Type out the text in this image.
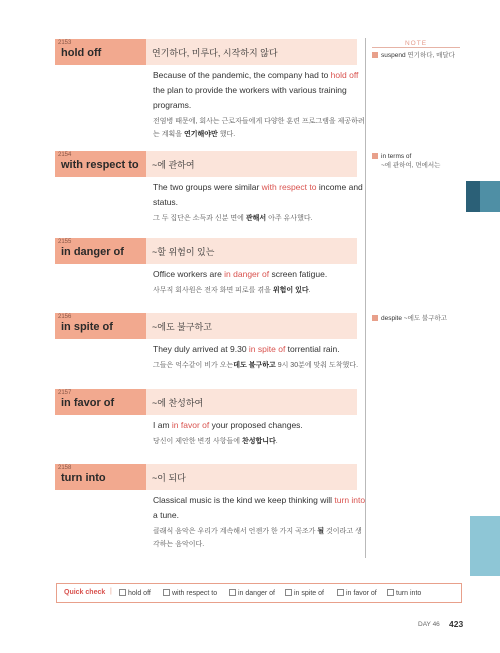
2153
hold off	연기하다, 미루다, 시작하지 않다
Because of the pandemic, the company had to hold off the plan to provide the workers with various training programs.
전염병 때문에, 회사는 근로자들에게 다양한 훈련 프로그램을 제공하려는 계획을 연기해야만 했다.
2154
with respect to ~에 관하여
The two groups were similar with respect to income and status.
그 두 집단은 소득과 신분 면에 관해서 아주 유사했다.
2155
in danger of	~할 위험이 있는
Office workers are in danger of screen fatigue.
사무직 회사원은 전자 화면 피로를 겪을 위험이 있다.
2156
in spite of	~에도 불구하고
They duly arrived at 9.30 in spite of torrential rain.
그들은 억수같이 비가 오는데도 불구하고 9시 30분에 맞춰 도착했다.
2157
in favor of	~에 찬성하여
I am in favor of your proposed changes.
당신이 제안한 변경 사항들에 찬성합니다.
2158
turn into	~이 되다
Classical music is the kind we keep thinking will turn into a tune.
클래식 음악은 우리가 계속해서 언젠가 한 가지 곡조가 될 것이라고 생각하는 음악이다.
NOTE
suspend 연기하다, 매달다
in terms of
~에 관하여, 면에서는
despite ~에도 불구하고
Quick check |	hold off	with respect to	in danger of	in spite of	in favor of	turn into
DAY 46 423
